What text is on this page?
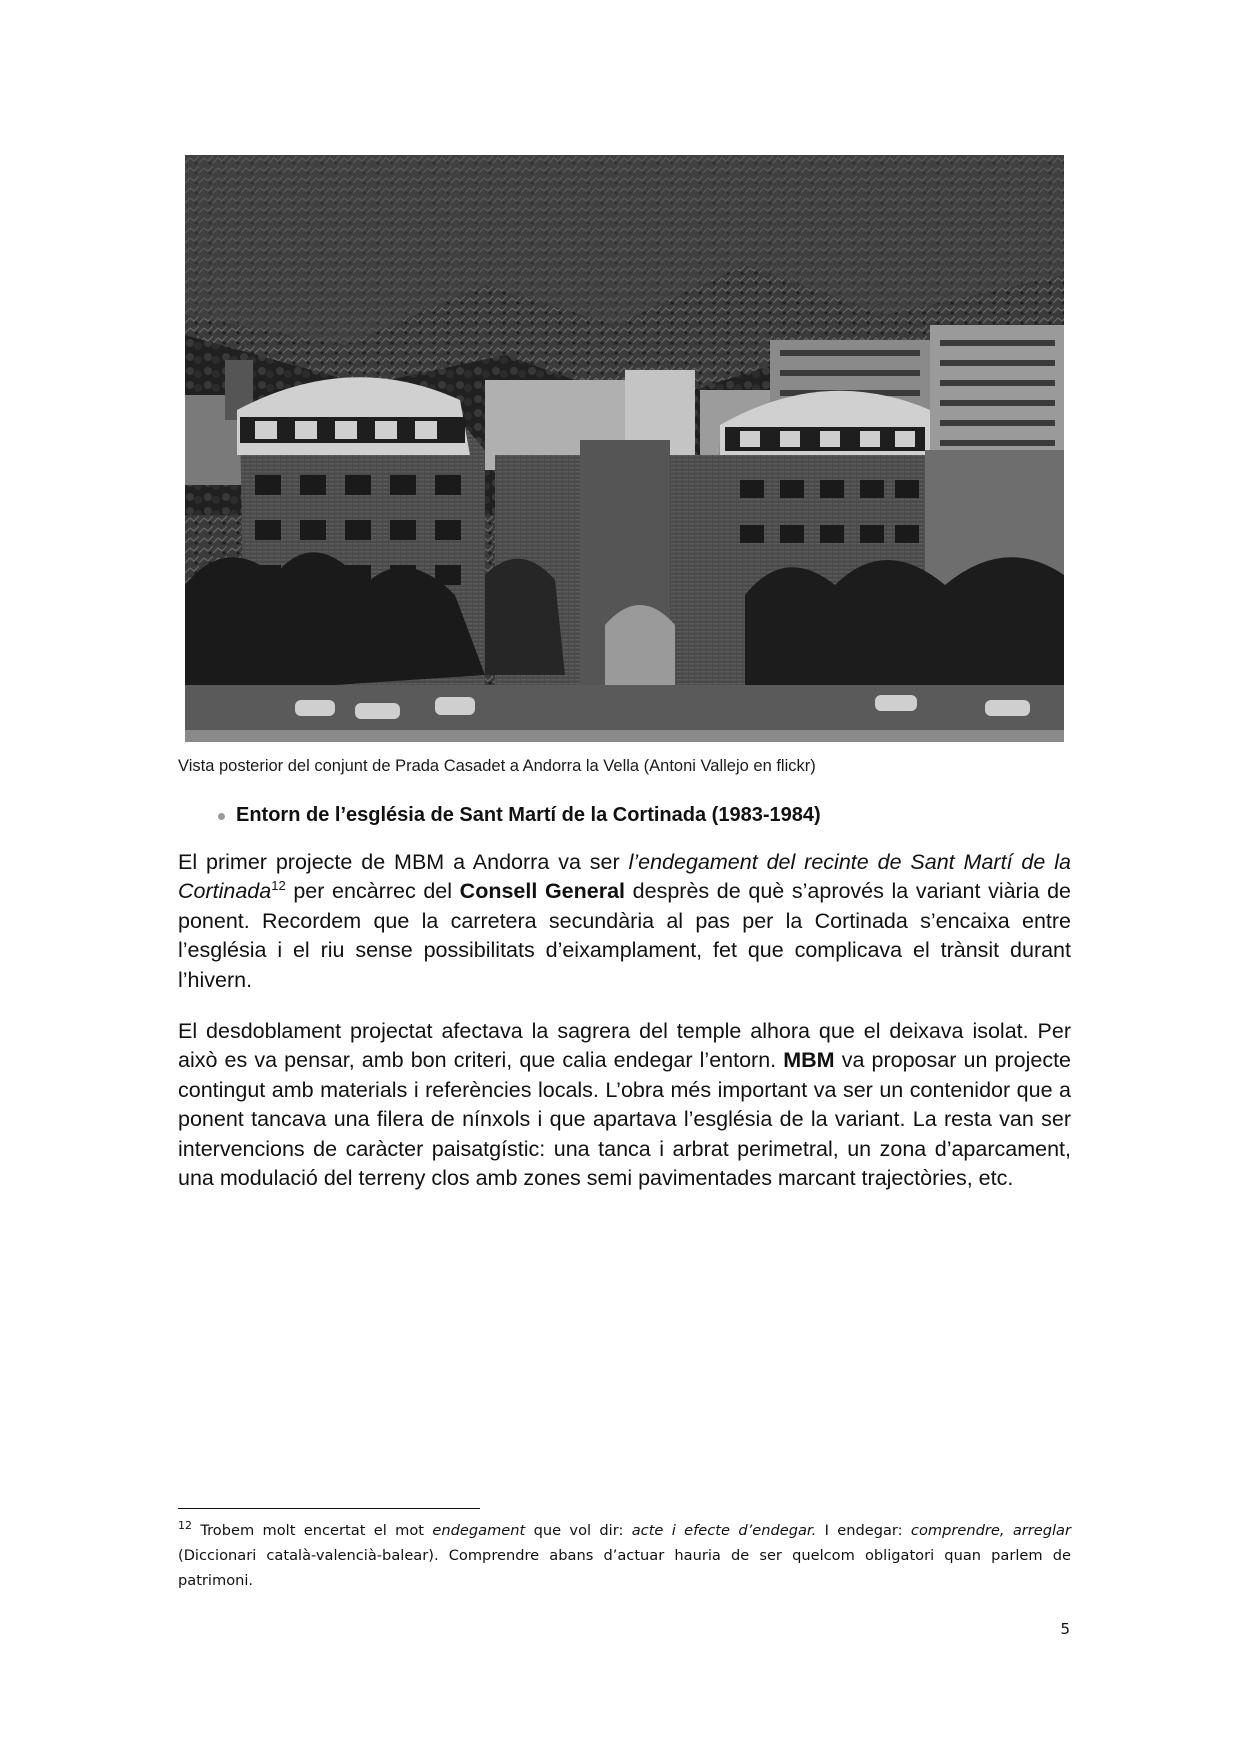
Vista posterior del conjunt de Prada Casadet a Andorra la Vella (Antoni Vallejo en flickr)
Entorn de l’església de Sant Martí de la Cortinada (1983-1984)

El primer projecte de MBM a Andorra va ser l’endegament del recinte de Sant Martí de la Cortinada$^{12}$ per encàrrec del Consell General desprès de què s’aprovés la variant viària de ponent. Recordem que la carretera secundària al pas per la Cortinada s’encaixa entre l’església i el riu sense possibilitats d’eixamplament, fet que complicava el trànsit durant l’hivern.

El desdoblament projectat afectava la sagrera del temple alhora que el deixava isolat. Per això es va pensar, amb bon criteri, que calia endegar l’entorn. MBM va proposar un projecte contingut amb materials i referències locals. L’obra més important va ser un contenidor que a ponent tancava una filera de nínxols i que apartava l’església de la variant. La resta van ser intervencions de caràcter paisatgístic: una tanca i arbrat perimetral, un zona d’aparcament, una modulació del terreny clos amb zones semi pavimentades marcant trajectòries, etc.

$^{12}$ Trobem molt encertat el mot endegament que vol dir: acte i efecte d’endegar. I endegar: comprendre, arreglar (Diccionari català-valencià-balear). Comprendre abans d’actuar hauria de ser quelcom obligatori quan parlem de patrimoni.

5
